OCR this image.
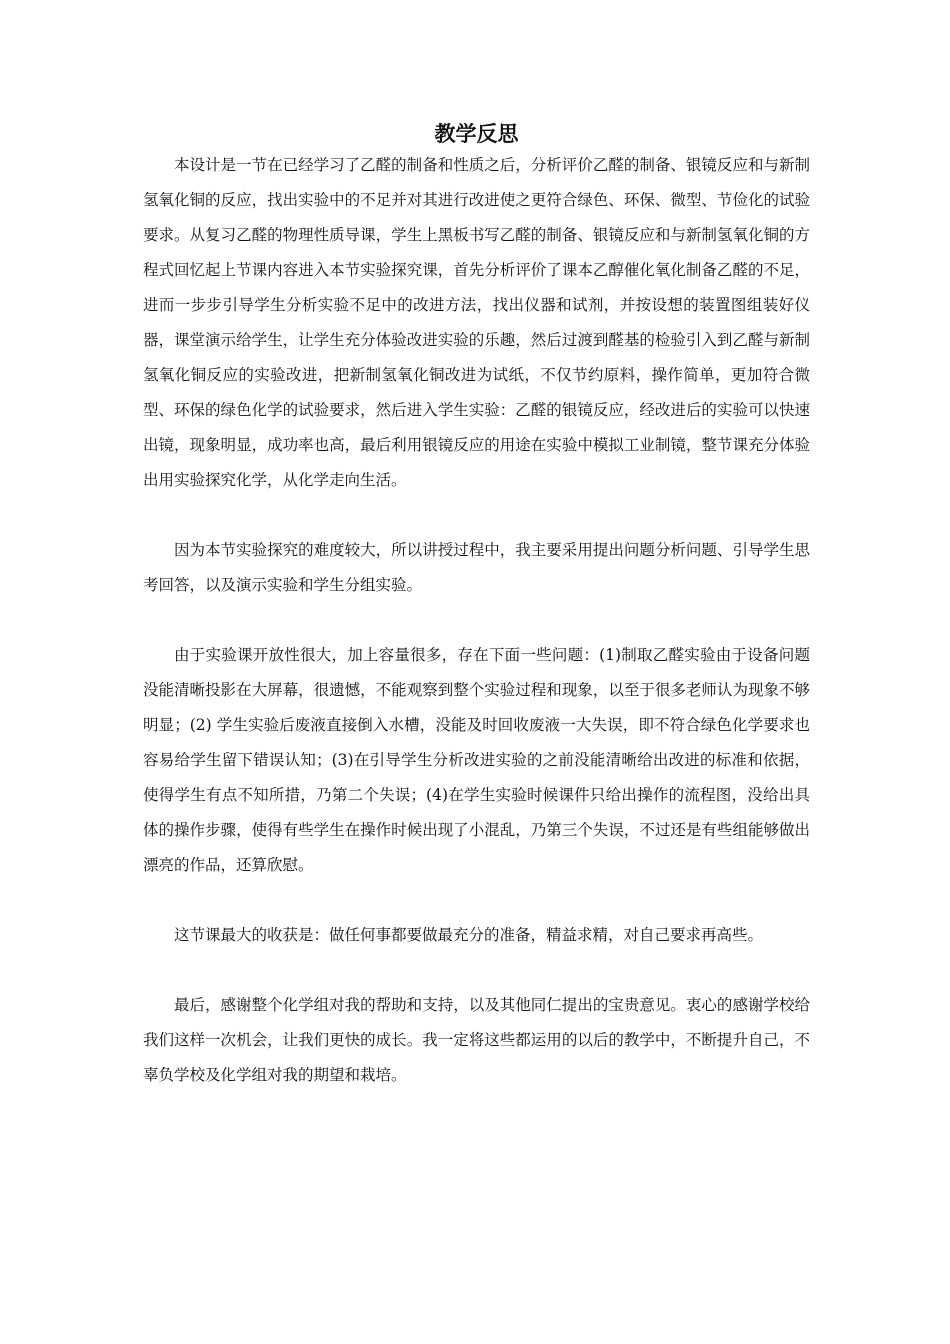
教学反思

本设计是一节在已经学习了乙醛的制备和性质之后，分析评价乙醛的制备、银镜反应和与新制氢氧化铜的反应，找出实验中的不足并对其进行改进使之更符合绿色、环保、微型、节俭化的试验要求。从复习乙醛的物理性质导课，学生上黑板书写乙醛的制备、银镜反应和与新制氢氧化铜的方程式回忆起上节课内容进入本节实验探究课，首先分析评价了课本乙醇催化氧化制备乙醛的不足，进而一步步引导学生分析实验不足中的改进方法，找出仪器和试剂，并按设想的装置图组装好仪器，课堂演示给学生，让学生充分体验改进实验的乐趣，然后过渡到醛基的检验引入到乙醛与新制氢氧化铜反应的实验改进，把新制氢氧化铜改进为试纸，不仅节约原料，操作简单，更加符合微型、环保的绿色化学的试验要求，然后进入学生实验：乙醛的银镜反应，经改进后的实验可以快速出镜，现象明显，成功率也高，最后利用银镜反应的用途在实验中模拟工业制镜，整节课充分体验出用实验探究化学，从化学走向生活。

因为本节实验探究的难度较大，所以讲授过程中，我主要采用提出问题分析问题、引导学生思考回答，以及演示实验和学生分组实验。

由于实验课开放性很大，加上容量很多，存在下面一些问题：(1)制取乙醛实验由于设备问题没能清晰投影在大屏幕，很遗憾，不能观察到整个实验过程和现象，以至于很多老师认为现象不够明显；(2) 学生实验后废液直接倒入水槽，没能及时回收废液一大失误，即不符合绿色化学要求也容易给学生留下错误认知；(3)在引导学生分析改进实验的之前没能清晰给出改进的标准和依据，使得学生有点不知所措，乃第二个失误；(4)在学生实验时候课件只给出操作的流程图，没给出具体的操作步骤，使得有些学生在操作时候出现了小混乱，乃第三个失误，不过还是有些组能够做出漂亮的作品，还算欣慰。

这节课最大的收获是：做任何事都要做最充分的准备，精益求精，对自己要求再高些。

最后，感谢整个化学组对我的帮助和支持，以及其他同仁提出的宝贵意见。衷心的感谢学校给我们这样一次机会，让我们更快的成长。我一定将这些都运用的以后的教学中，不断提升自己，不辜负学校及化学组对我的期望和栽培。
